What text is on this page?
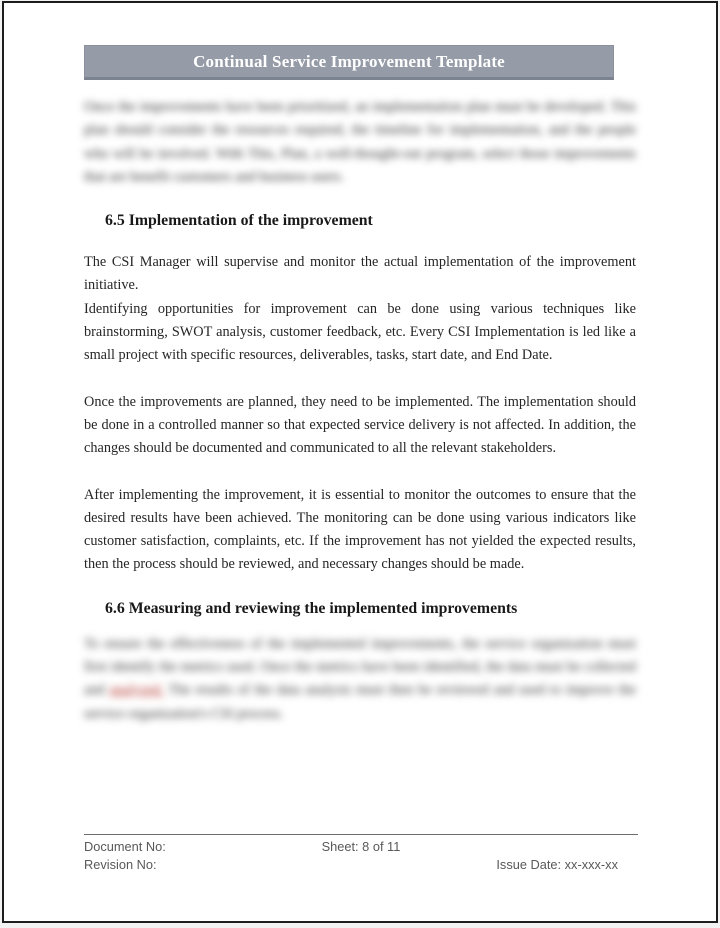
Continual Service Improvement Template

Once the improvements have been prioritized, an implementation plan must be developed. This plan should consider the resources required, the timeline for implementation, and the people who will be involved. With This, Plan, a well-thought-out program, select those improvements that are benefit customers and business users.

6.5 Implementation of the improvement

The CSI Manager will supervise and monitor the actual implementation of the improvement initiative.

Identifying opportunities for improvement can be done using various techniques like brainstorming, SWOT analysis, customer feedback, etc. Every CSI Implementation is led like a small project with specific resources, deliverables, tasks, start date, and End Date.

Once the improvements are planned, they need to be implemented. The implementation should be done in a controlled manner so that expected service delivery is not affected. In addition, the changes should be documented and communicated to all the relevant stakeholders.

After implementing the improvement, it is essential to monitor the outcomes to ensure that the desired results have been achieved. The monitoring can be done using various indicators like customer satisfaction, complaints, etc. If the improvement has not yielded the expected results, then the process should be reviewed, and necessary changes should be made.

6.6 Measuring and reviewing the implemented improvements

To ensure the effectiveness of the implemented improvements, the service organization must first identify the metrics used. Once the metrics have been identified, the data must be collected and analyzed. The results of the data analysis must then be reviewed and used to improve the service organization's CSI process.

Document No:	Sheet: 8 of 11
Revision No:	Issue Date: xx-xxx-xx
